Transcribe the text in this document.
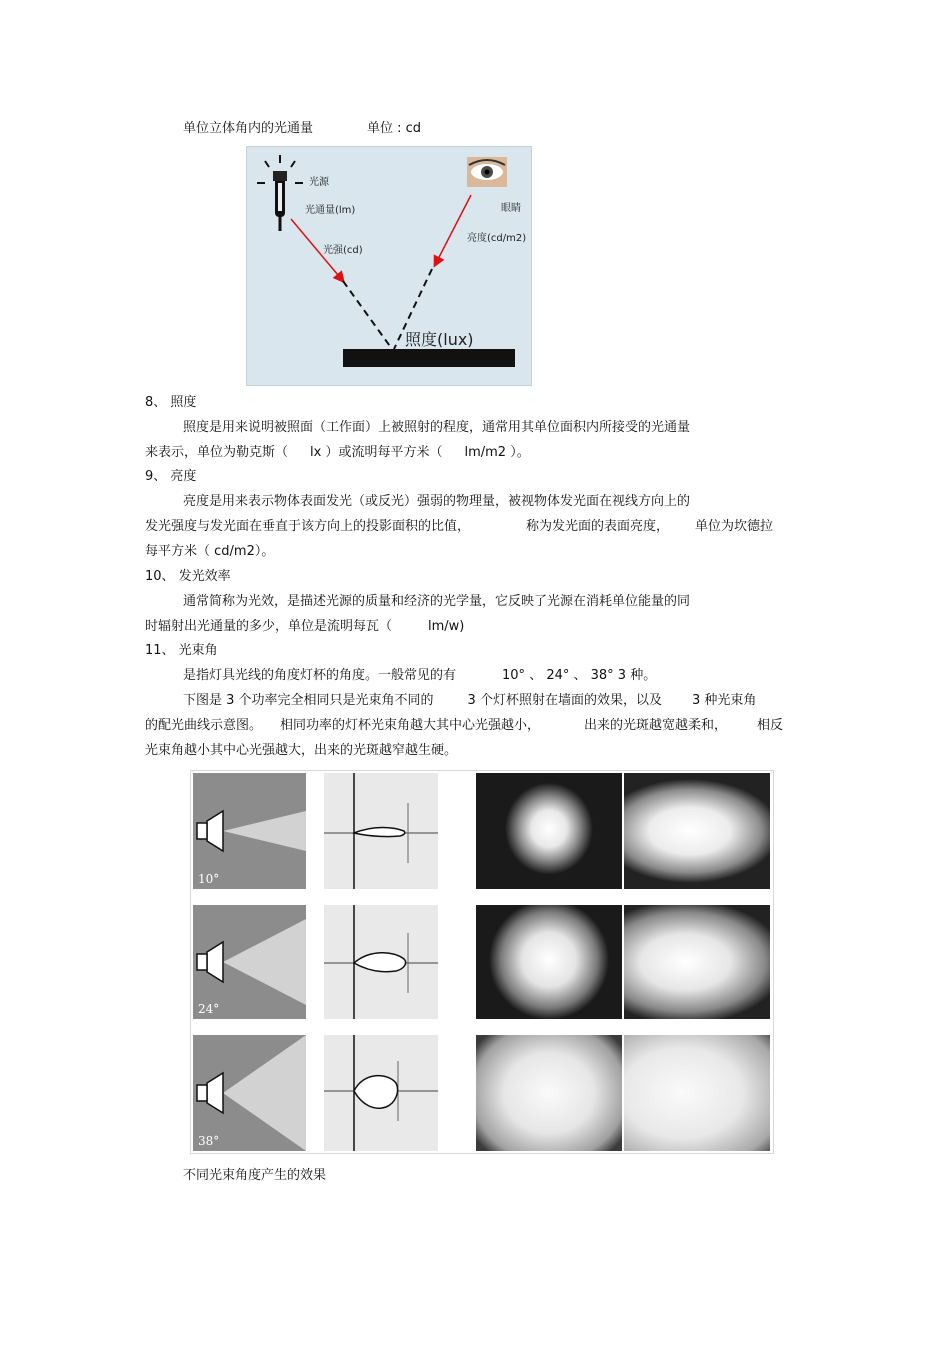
单位立体角内的光通量	单位 : cd
光源
光通量(lm)
光强(cd)
眼睛
亮度(cd/m2)
照度(lux)
8、 照度
照度是用来说明被照面（工作面）上被照射的程度，通常用其单位面积内所接受的光通量
来表示，单位为勒克斯（ lx ）或流明每平方米（ lm/m2 ）。
9、 亮度
亮度是用来表示物体表面发光（或反光）强弱的物理量，被视物体发光面在视线方向上的
发光强度与发光面在垂直于该方向上的投影面积的比值，	称为发光面的表面亮度， 单位为坎德拉
每平方米（ cd/m2）。
10、 发光效率
通常简称为光效，是描述光源的质量和经济的光学量，它反映了光源在消耗单位能量的同
时辐射出光通量的多少，单位是流明每瓦（	lm/w)
11、 光束角
是指灯具光线的角度灯杯的角度。一般常见的有	10° 、 24° 、 38° 3 种。
下图是 3 个功率完全相同只是光束角不同的	3 个灯杯照射在墙面的效果，以及 3 种光束角
的配光曲线示意图。 相同功率的灯杯光束角越大其中心光强越小，	出来的光斑越宽越柔和， 相反
光束角越小其中心光强越大，出来的光斑越窄越生硬。
10°
24°
38°
不同光束角度产生的效果
